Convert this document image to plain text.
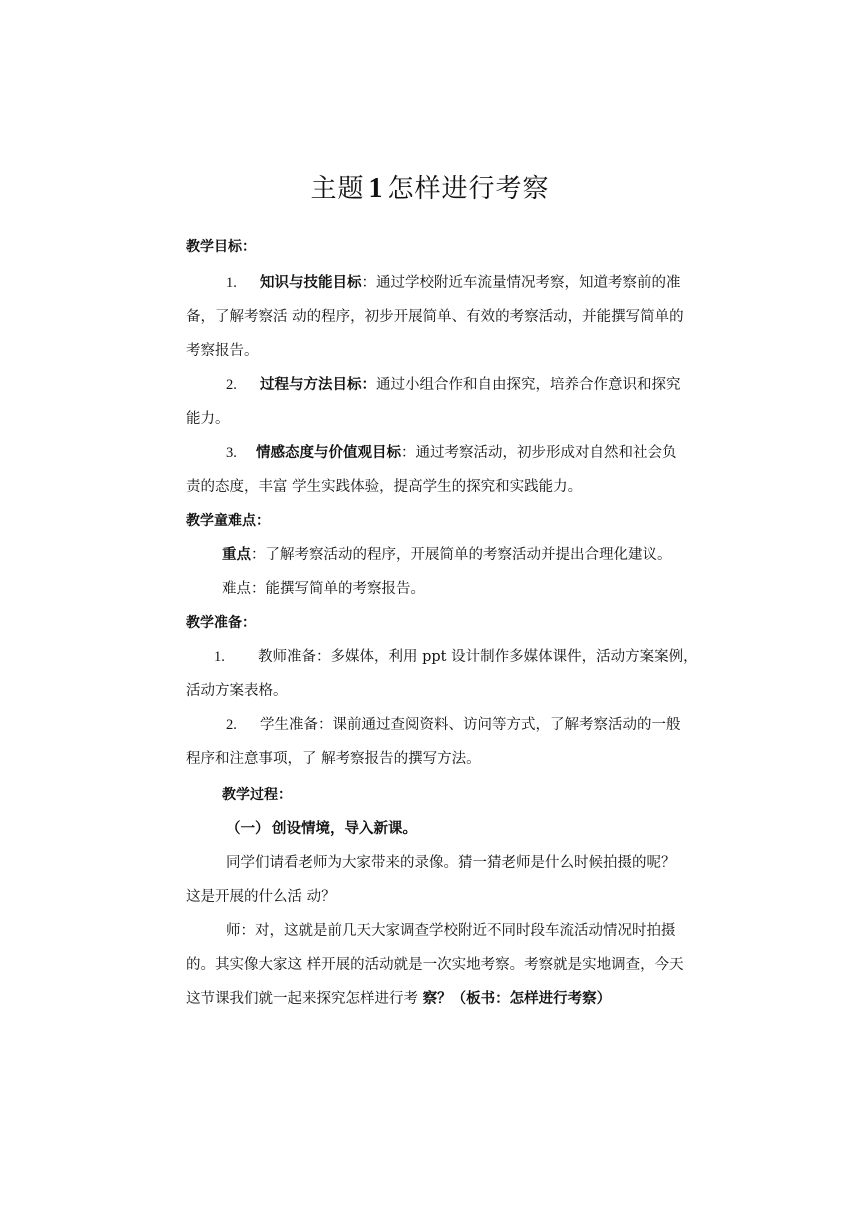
主题 1 怎样进行考察
教学目标：
1. 知识与技能目标：通过学校附近车流量情况考察，知道考察前的准
备，了解考察活 动的程序，初步开展简单、有效的考察活动，并能撰写简单的
考察报告。
2. 过程与方法目标：通过小组合作和自由探究，培养合作意识和探究
能力。
3. 情感态度与价值观目标：通过考察活动，初步形成对自然和社会负
责的态度，丰富 学生实践体验，提高学生的探究和实践能力。
教学童难点：
重点：了解考察活动的程序，开展简单的考察活动并提出合理化建议。
难点：能撰写简单的考察报告。
教学准备：
1. 教师准备：多媒体，利用 ppt 设计制作多媒体课件，活动方案案例，
活动方案表格。
2. 学生准备：课前通过查阅资料、访问等方式，了解考察活动的一般
程序和注意事项，了 解考察报告的撰写方法。
教学过程：
（一） 创设情境，导入新课。
同学们请看老师为大家带来的录像。猜一猜老师是什么时候拍摄的呢？
这是开展的什么活 动？
师：对，这就是前几天大家调查学校附近不同时段车流活动情况时拍摄
的。其实像大家这 样开展的活动就是一次实地考察。考察就是实地调查，今天
这节课我们就一起来探究怎样进行考 察？（板书：怎样进行考察）
